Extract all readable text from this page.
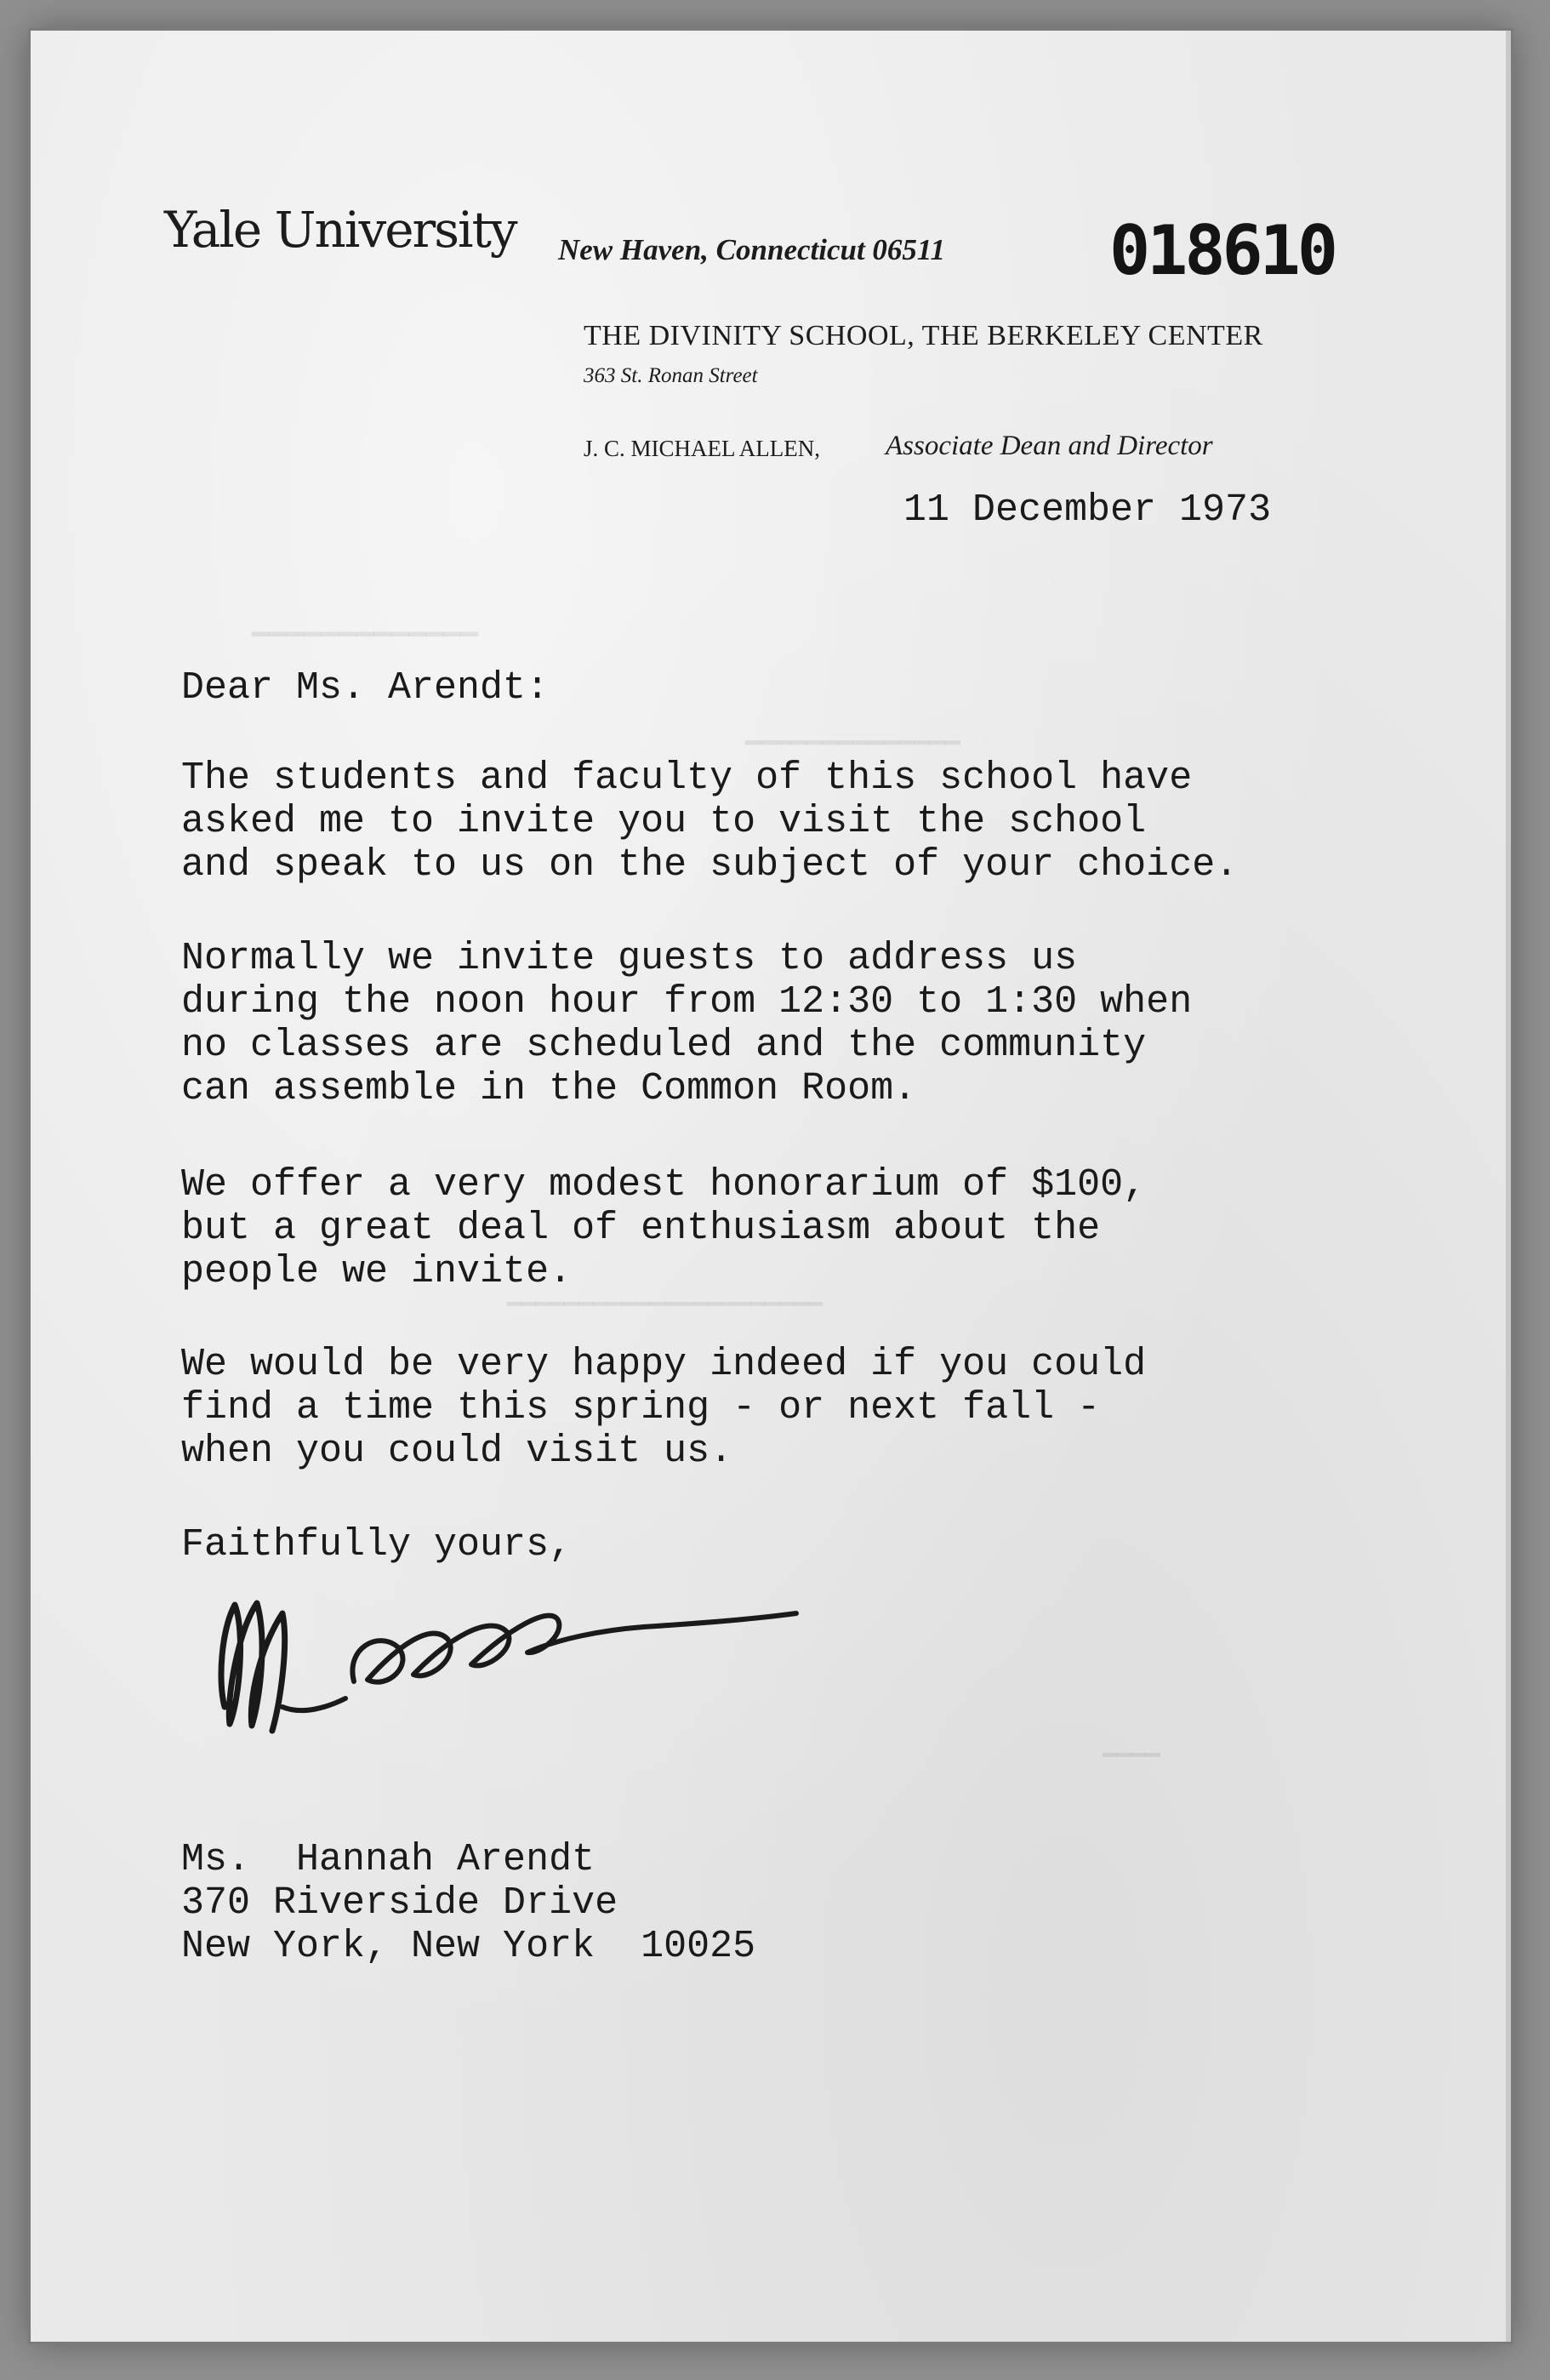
━━━━━━━━━━━━━
━━━━━━━━━━━━━━
━━━━━━━━━━━━━━━━━━━━━━
━━━━
Yale University New Haven, Connecticut 06511 018610
THE DIVINITY SCHOOL, THE BERKELEY CENTER
363 St. Ronan Street
J. C. MICHAEL ALLEN, Associate Dean and Director
11 December 1973
Dear Ms. Arendt:
The students and faculty of this school have
asked me to invite you to visit the school
and speak to us on the subject of your choice.
Normally we invite guests to address us
during the noon hour from 12:30 to 1:30 when
no classes are scheduled and the community
can assemble in the Common Room.
We offer a very modest honorarium of $100,
but a great deal of enthusiasm about the
people we invite.
We would be very happy indeed if you could
find a time this spring - or next fall -
when you could visit us.
Faithfully yours,
Ms.  Hannah Arendt
370 Riverside Drive
New York, New York  10025
